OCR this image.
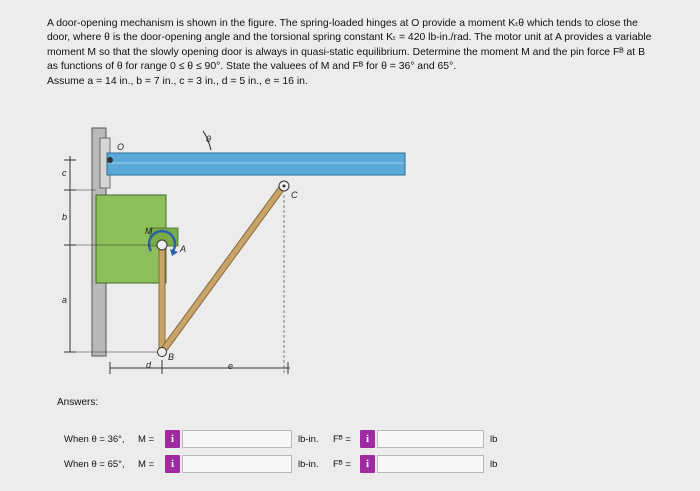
A door-opening mechanism is shown in the figure. The spring-loaded hinges at O provide a moment Kₜθ which tends to close the
door, where θ is the door-opening angle and the torsional spring constant Kₜ = 420 lb-in./rad. The motor unit at A provides a variable
moment M so that the slowly opening door is always in quasi-static equilibrium. Determine the moment M and the pin force Fᴮ at B
as functions of θ for range 0 ≤ θ ≤ 90°. State the valuees of M and Fᴮ for θ = 36° and 65°.
Assume a = 14 in., b = 7 in., c = 3 in., d = 5 in., e = 16 in.
O
θ
C
M
A
B
c
b
a
d	e
Answers:
When θ = 36°, M =	i	lb-in. Fᴮ =	i	lb
When θ = 65°, M =	i	lb-in. Fᴮ =	i	lb
